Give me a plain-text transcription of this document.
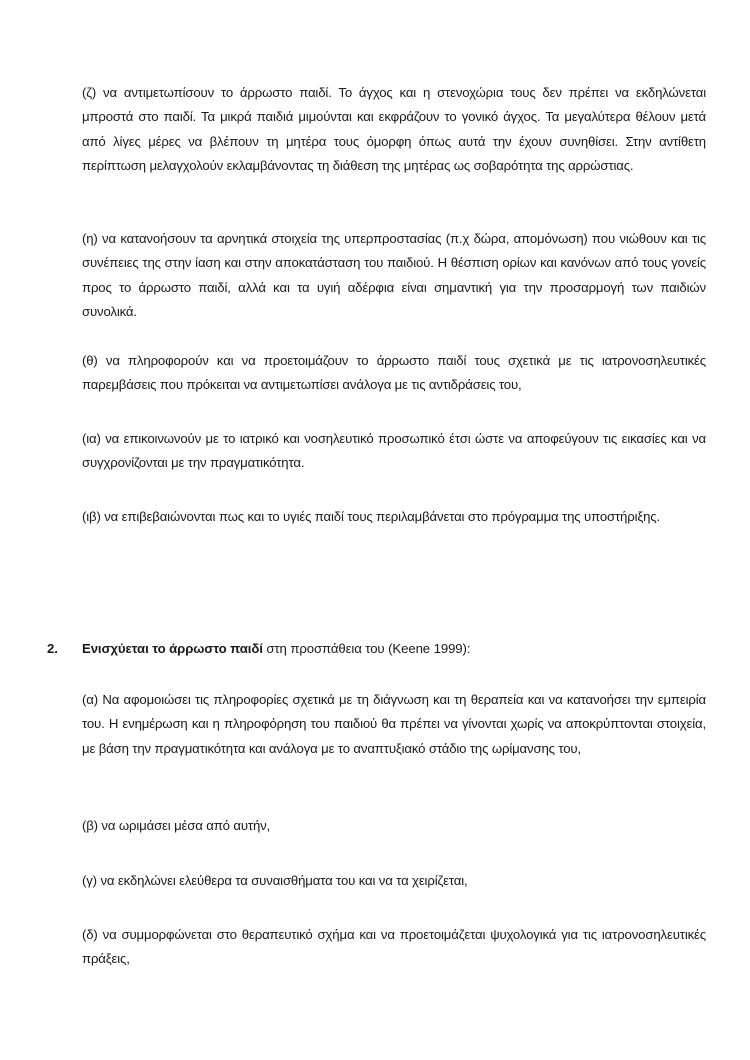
(ζ) να αντιμετωπίσουν το άρρωστο παιδί. Το άγχος και η στενοχώρια τους δεν πρέπει να εκδηλώνεται μπροστά στο παιδί. Τα μικρά παιδιά μιμούνται και εκφράζουν το γονικό άγχος. Τα μεγαλύτερα θέλουν μετά από λίγες μέρες να βλέπουν τη μητέρα τους όμορφη όπως αυτά την έχουν συνηθίσει. Στην αντίθετη περίπτωση μελαγχολούν εκλαμβάνοντας τη διάθεση της μητέρας ως σοβαρότητα της αρρώστιας.

(η) να κατανοήσουν τα αρνητικά στοιχεία της υπερπροστασίας (π.χ δώρα, απομόνωση) που νιώθουν και τις συνέπειες της στην ίαση και στην αποκατάσταση του παιδιού. Η θέσπιση ορίων και κανόνων από τους γονείς προς το άρρωστο παιδί, αλλά και τα υγιή αδέρφια είναι σημαντική για την προσαρμογή των παιδιών συνολικά.

(θ) να πληροφορούν και να προετοιμάζουν το άρρωστο παιδί τους σχετικά με τις ιατρονοσηλευτικές παρεμβάσεις που πρόκειται να αντιμετωπίσει ανάλογα με τις αντιδράσεις του,

(ια) να επικοινωνούν με το ιατρικό και νοσηλευτικό προσωπικό έτσι ώστε να αποφεύγουν τις εικασίες και να συγχρονίζονται με την πραγματικότητα.

(ιβ) να επιβεβαιώνονται πως και το υγιές παιδί τους περιλαμβάνεται στο πρόγραμμα της υποστήριξης.

2. Ενισχύεται το άρρωστο παιδί στη προσπάθεια του (Keene 1999):

(α) Να αφομοιώσει τις πληροφορίες σχετικά με τη διάγνωση και τη θεραπεία και να κατανοήσει την εμπειρία του. Η ενημέρωση και η πληροφόρηση του παιδιού θα πρέπει να γίνονται χωρίς να αποκρύπτονται στοιχεία, με βάση την πραγματικότητα και ανάλογα με το αναπτυξιακό στάδιο της ωρίμανσης του,

(β) να ωριμάσει μέσα από αυτήν,

(γ) να εκδηλώνει ελεύθερα τα συναισθήματα του και να τα χειρίζεται,

(δ) να συμμορφώνεται στο θεραπευτικό σχήμα και να προετοιμάζεται ψυχολογικά για τις ιατρονοσηλευτικές πράξεις,
